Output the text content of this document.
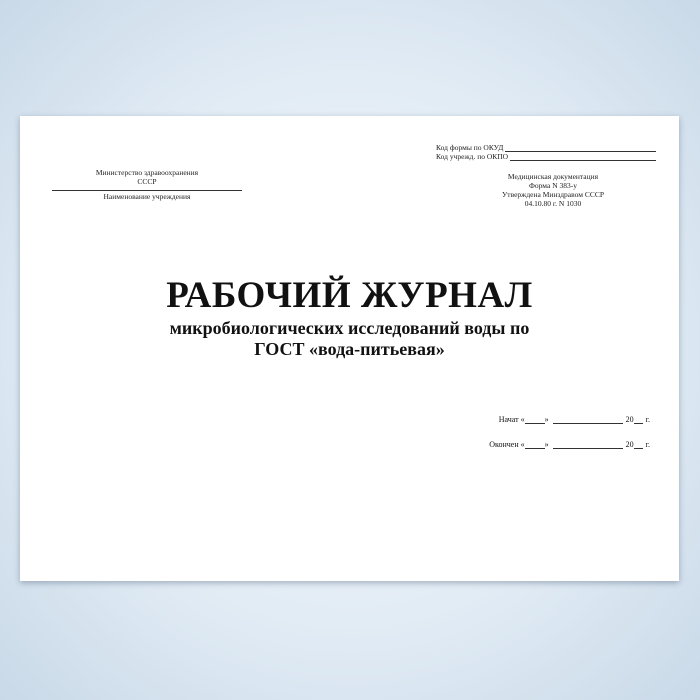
Министерство здравоохранения
СССР
Наименование учреждения
Код формы по ОКУД
Код учрежд. по ОКПО
Медицинская документация
Форма N 383-у
Утверждена Минздравом СССР
04.10.80 г. N 1030
РАБОЧИЙ ЖУРНАЛ
микробиологических исследований воды по
ГОСТ «вода-питьевая»
Начат «	»	20 г.
Окончен «	»	20 г.
